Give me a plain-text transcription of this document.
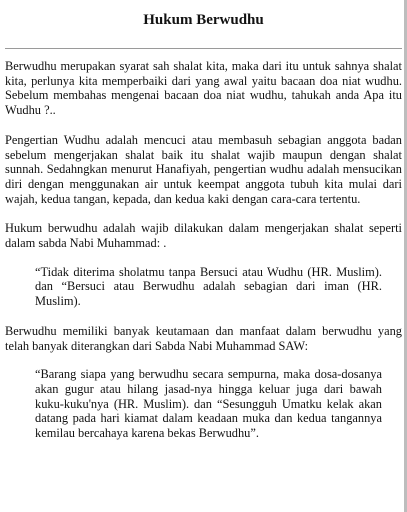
Hukum Berwudhu

Berwudhu merupakan syarat sah shalat kita, maka dari itu untuk sahnya shalat kita, perlunya kita memperbaiki dari yang awal yaitu bacaan doa niat wudhu. Sebelum membahas mengenai bacaan doa niat wudhu, tahukah anda Apa itu Wudhu ?..

Pengertian Wudhu adalah mencuci atau membasuh sebagian anggota badan sebelum mengerjakan shalat baik itu shalat wajib maupun dengan shalat sunnah. Sedahngkan menurut Hanafiyah, pengertian wudhu adalah mensucikan diri dengan menggunakan air untuk keempat anggota tubuh kita mulai dari wajah, kedua tangan, kepada, dan kedua kaki dengan cara-cara tertentu.

Hukum berwudhu adalah wajib dilakukan dalam mengerjakan shalat seperti dalam sabda Nabi Muhammad: .

“Tidak diterima sholatmu tanpa Bersuci atau Wudhu (HR. Muslim). dan “Bersuci atau Berwudhu adalah sebagian dari iman (HR. Muslim).

Berwudhu memiliki banyak keutamaan dan manfaat dalam berwudhu yang telah banyak diterangkan dari Sabda Nabi Muhammad SAW:

“Barang siapa yang berwudhu secara sempurna, maka dosa-dosanya akan gugur atau hilang jasad-nya hingga keluar juga dari bawah kuku-kuku'nya (HR. Muslim). dan “Sesungguh Umatku kelak akan datang pada hari kiamat dalam keadaan muka dan kedua tangannya kemilau bercahaya karena bekas Berwudhu”.
